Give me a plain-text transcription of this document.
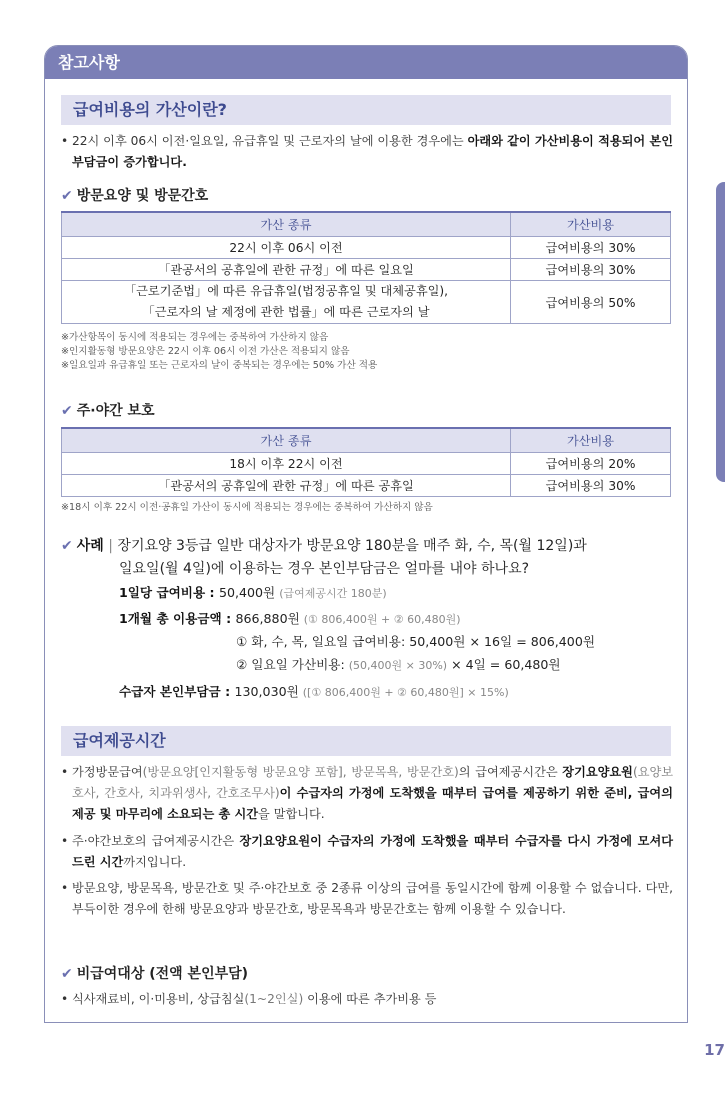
17
참고사항
급여비용의 가산이란?
• 22시 이후 06시 이전·일요일, 유급휴일 및 근로자의 날에 이용한 경우에는 아래와 같이 가산비용이 적용되어 본인부담금이 증가합니다.
✔ 방문요양 및 방문간호
가산 종류	가산비용
22시 이후 06시 이전	급여비용의 30%
「관공서의 공휴일에 관한 규정」에 따른 일요일	급여비용의 30%

「근로기준법」에 따른 유급휴일(법정공휴일 및 대체공휴일),
「근로자의 날 제정에 관한 법률」에 따른 근로자의 날	급여비용의 50%
※가산항목이 동시에 적용되는 경우에는 중복하여 가산하지 않음
※인지활동형 방문요양은 22시 이후 06시 이전 가산은 적용되지 않음
※일요일과 유급휴일 또는 근로자의 날이 중복되는 경우에는 50% 가산 적용
✔ 주·야간 보호
가산 종류	가산비용
18시 이후 22시 이전	급여비용의 20%
「관공서의 공휴일에 관한 규정」에 따른 공휴일	급여비용의 30%
※18시 이후 22시 이전·공휴일 가산이 동시에 적용되는 경우에는 중복하여 가산하지 않음
✔ 사례 | 장기요양 3등급 일반 대상자가 방문요양 180분을 매주 화, 수, 목(월 12일)과
일요일(월 4일)에 이용하는 경우 본인부담금은 얼마를 내야 하나요?
1일당 급여비용 : 50,400원 (급여제공시간 180분)
1개월 총 이용금액 : 866,880원 (① 806,400원 + ② 60,480원)
① 화, 수, 목, 일요일 급여비용: 50,400원 × 16일 = 806,400원
② 일요일 가산비용: (50,400원 × 30%) × 4일 = 60,480원
수급자 본인부담금 : 130,030원 ([① 806,400원 + ② 60,480원] × 15%)
급여제공시간
• 가정방문급여(방문요양[인지활동형 방문요양 포함], 방문목욕, 방문간호)의 급여제공시간은 장기요양요원(요양보호사, 간호사, 치과위생사, 간호조무사)이 수급자의 가정에 도착했을 때부터 급여를 제공하기 위한 준비, 급여의 제공 및 마무리에 소요되는 총 시간을 말합니다.
• 주·야간보호의 급여제공시간은 장기요양요원이 수급자의 가정에 도착했을 때부터 수급자를 다시 가정에 모셔다 드린 시간까지입니다.
• 방문요양, 방문목욕, 방문간호 및 주·야간보호 중 2종류 이상의 급여를 동일시간에 함께 이용할 수 없습니다. 다만, 부득이한 경우에 한해 방문요양과 방문간호, 방문목욕과 방문간호는 함께 이용할 수 있습니다.
✔ 비급여대상 (전액 본인부담)
• 식사재료비, 이·미용비, 상급침실(1~2인실) 이용에 따른 추가비용 등
